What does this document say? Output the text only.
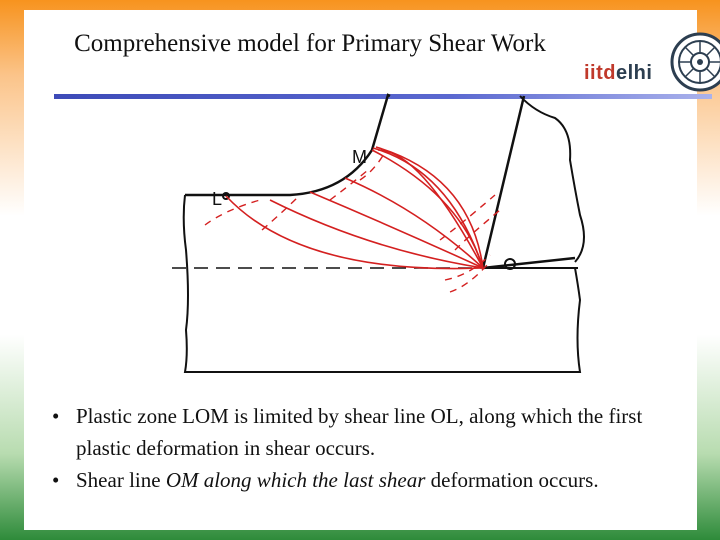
Comprehensive model for Primary Shear Work
iitdelhi
L
M
• Plastic zone LOM is limited by shear line OL, along which the first plastic deformation in shear occurs.
• Shear line OM along which the last shear deformation occurs.
